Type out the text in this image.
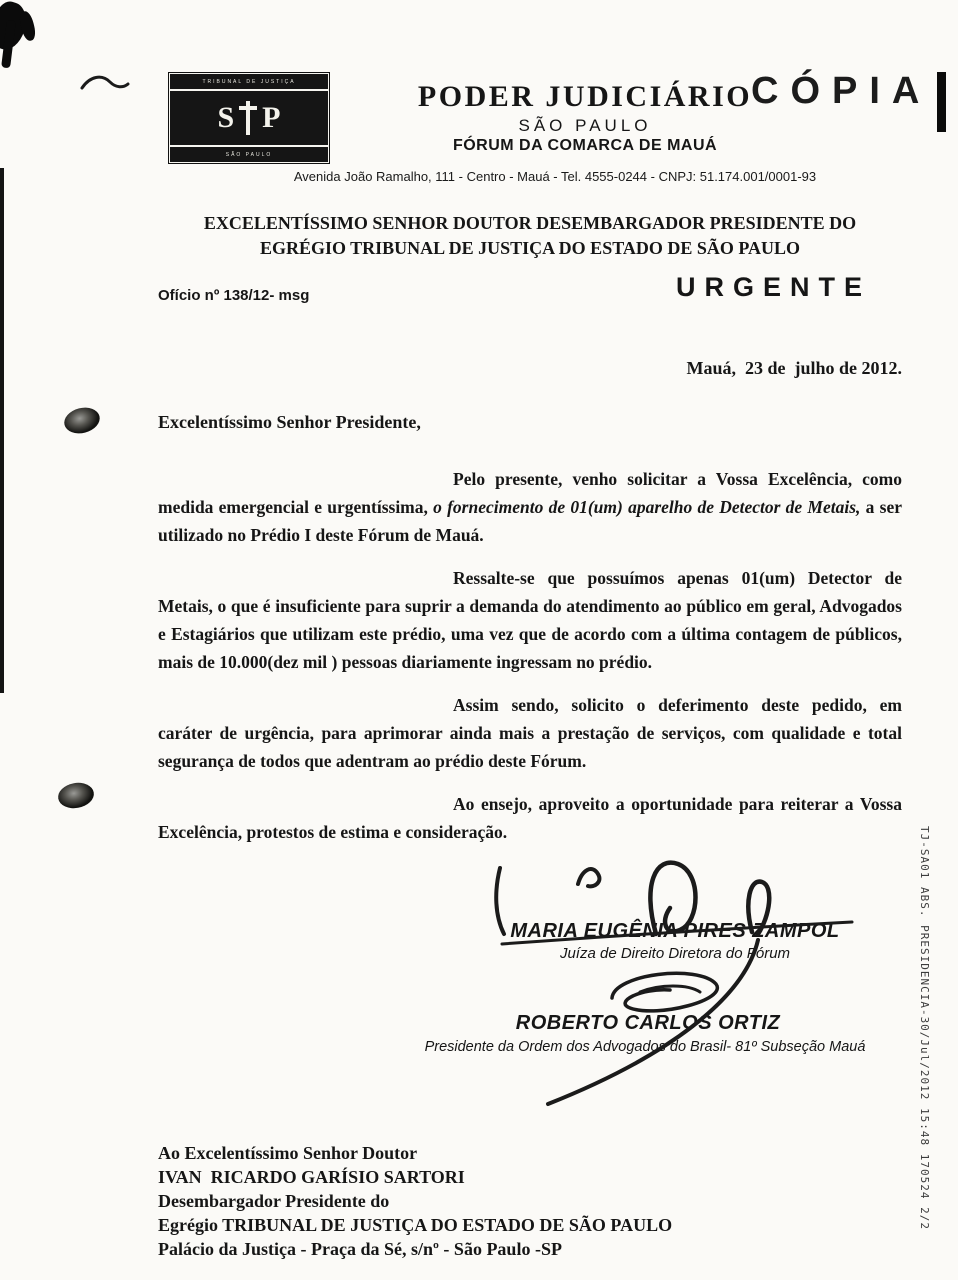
TRIBUNAL DE JUSTIÇA
S P
SÃO PAULO
CÓPIA
PODER JUDICIÁRIO
SÃO PAULO
FÓRUM DA COMARCA DE MAUÁ
Avenida João Ramalho, 111 - Centro - Mauá - Tel. 4555-0244 - CNPJ: 51.174.001/0001-93
EXCELENTÍSSIMO SENHOR DOUTOR DESEMBARGADOR PRESIDENTE DO
EGRÉGIO TRIBUNAL DE JUSTIÇA DO ESTADO DE SÃO PAULO
Ofício nº 138/12- msg	URGENTE
Mauá,  23 de  julho de 2012.
Excelentíssimo Senhor Presidente,

Pelo presente, venho solicitar a Vossa Excelência, como medida emergencial e urgentíssima, o fornecimento de 01(um) aparelho de Detector de Metais, a ser utilizado no Prédio I deste Fórum de Mauá.

Ressalte-se que possuímos apenas 01(um) Detector de Metais, o que é insuficiente para suprir a demanda do atendimento ao público em geral, Advogados e Estagiários que utilizam este prédio, uma vez que de acordo com a última contagem de públicos, mais de 10.000(dez mil ) pessoas diariamente ingressam no prédio.

Assim sendo, solicito o deferimento deste pedido, em caráter de urgência, para aprimorar ainda mais a prestação de serviços, com qualidade e total segurança de todos que adentram ao prédio deste Fórum.

Ao ensejo, aproveito a oportunidade para reiterar a Vossa Excelência, protestos de estima e consideração.

MARIA EUGÊNIA PIRES ZAMPOL
Juíza de Direito Diretora do Fórum
ROBERTO CARLOS ORTIZ
Presidente da Ordem dos Advogados do Brasil- 81º Subseção Mauá	TJ-SA01 ABS. PRESIDENCIA-30/Jul/2012 15:48 170524 2/2
Ao Excelentíssimo Senhor Doutor
IVAN  RICARDO GARÍSIO SARTORI
Desembargador Presidente do
Egrégio TRIBUNAL DE JUSTIÇA DO ESTADO DE SÃO PAULO
Palácio da Justiça - Praça da Sé, s/nº - São Paulo -SP
